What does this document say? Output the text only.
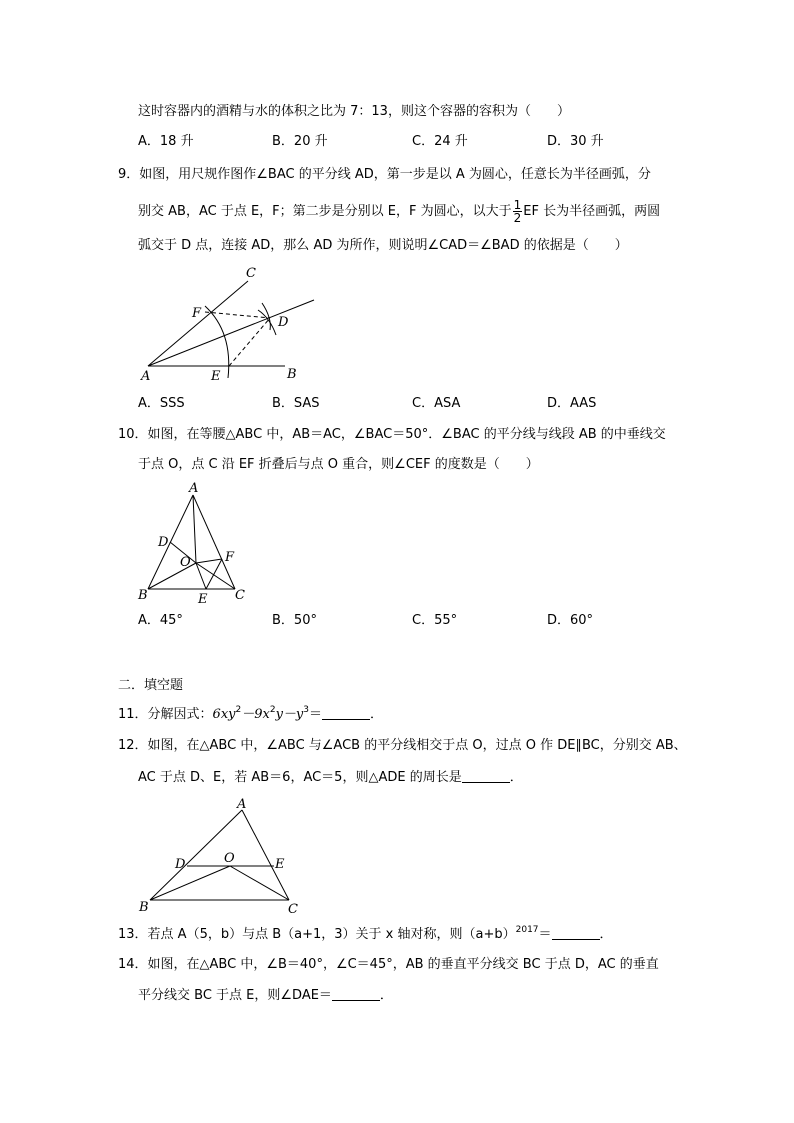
这时容器内的酒精与水的体积之比为 7：13，则这个容器的容积为（　　）
A．18 升	B．20 升	C．24 升	D．30 升
9．如图，用尺规作图作∠BAC 的平分线 AD，第一步是以 A 为圆心，任意长为半径画弧，分
别交 AB，AC 于点 E，F；第二步是分别以 E，F 为圆心，以大于 $\frac{1}{2}$ EF 长为半径画弧，两圆
弧交于 D 点，连接 AD，那么 AD 为所作，则说明∠CAD＝∠BAD 的依据是（　　）
A	B
C
D
E
F
A．SSS	B．SAS	C．ASA	D．AAS
10．如图，在等腰△ABC 中，AB＝AC，∠BAC＝50°．∠BAC 的平分线与线段 AB 的中垂线交
于点 O，点 C 沿 EF 折叠后与点 O 重合，则∠CEF 的度数是（　　）
A
B	C
D
E
F
O
A．45°	B．50°	C．55°	D．60°
二．填空题
11．分解因式：$6xy^2-9x^2y-y^3=$	．
12．如图，在△ABC 中，∠ABC 与∠ACB 的平分线相交于点 O，过点 O 作 DE∥BC，分别交 AB、
AC 于点 D、E，若 AB＝6，AC＝5，则△ADE 的周长是	．
A
B	C
D	E
O
13．若点 A（5，b）与点 B（a+1，3）关于 x 轴对称，则$(a+b)^{2017}=$	．
14．如图，在△ABC 中，∠B＝40°，∠C＝45°，AB 的垂直平分线交 BC 于点 D，AC 的垂直
平分线交 BC 于点 E，则∠DAE＝	．
